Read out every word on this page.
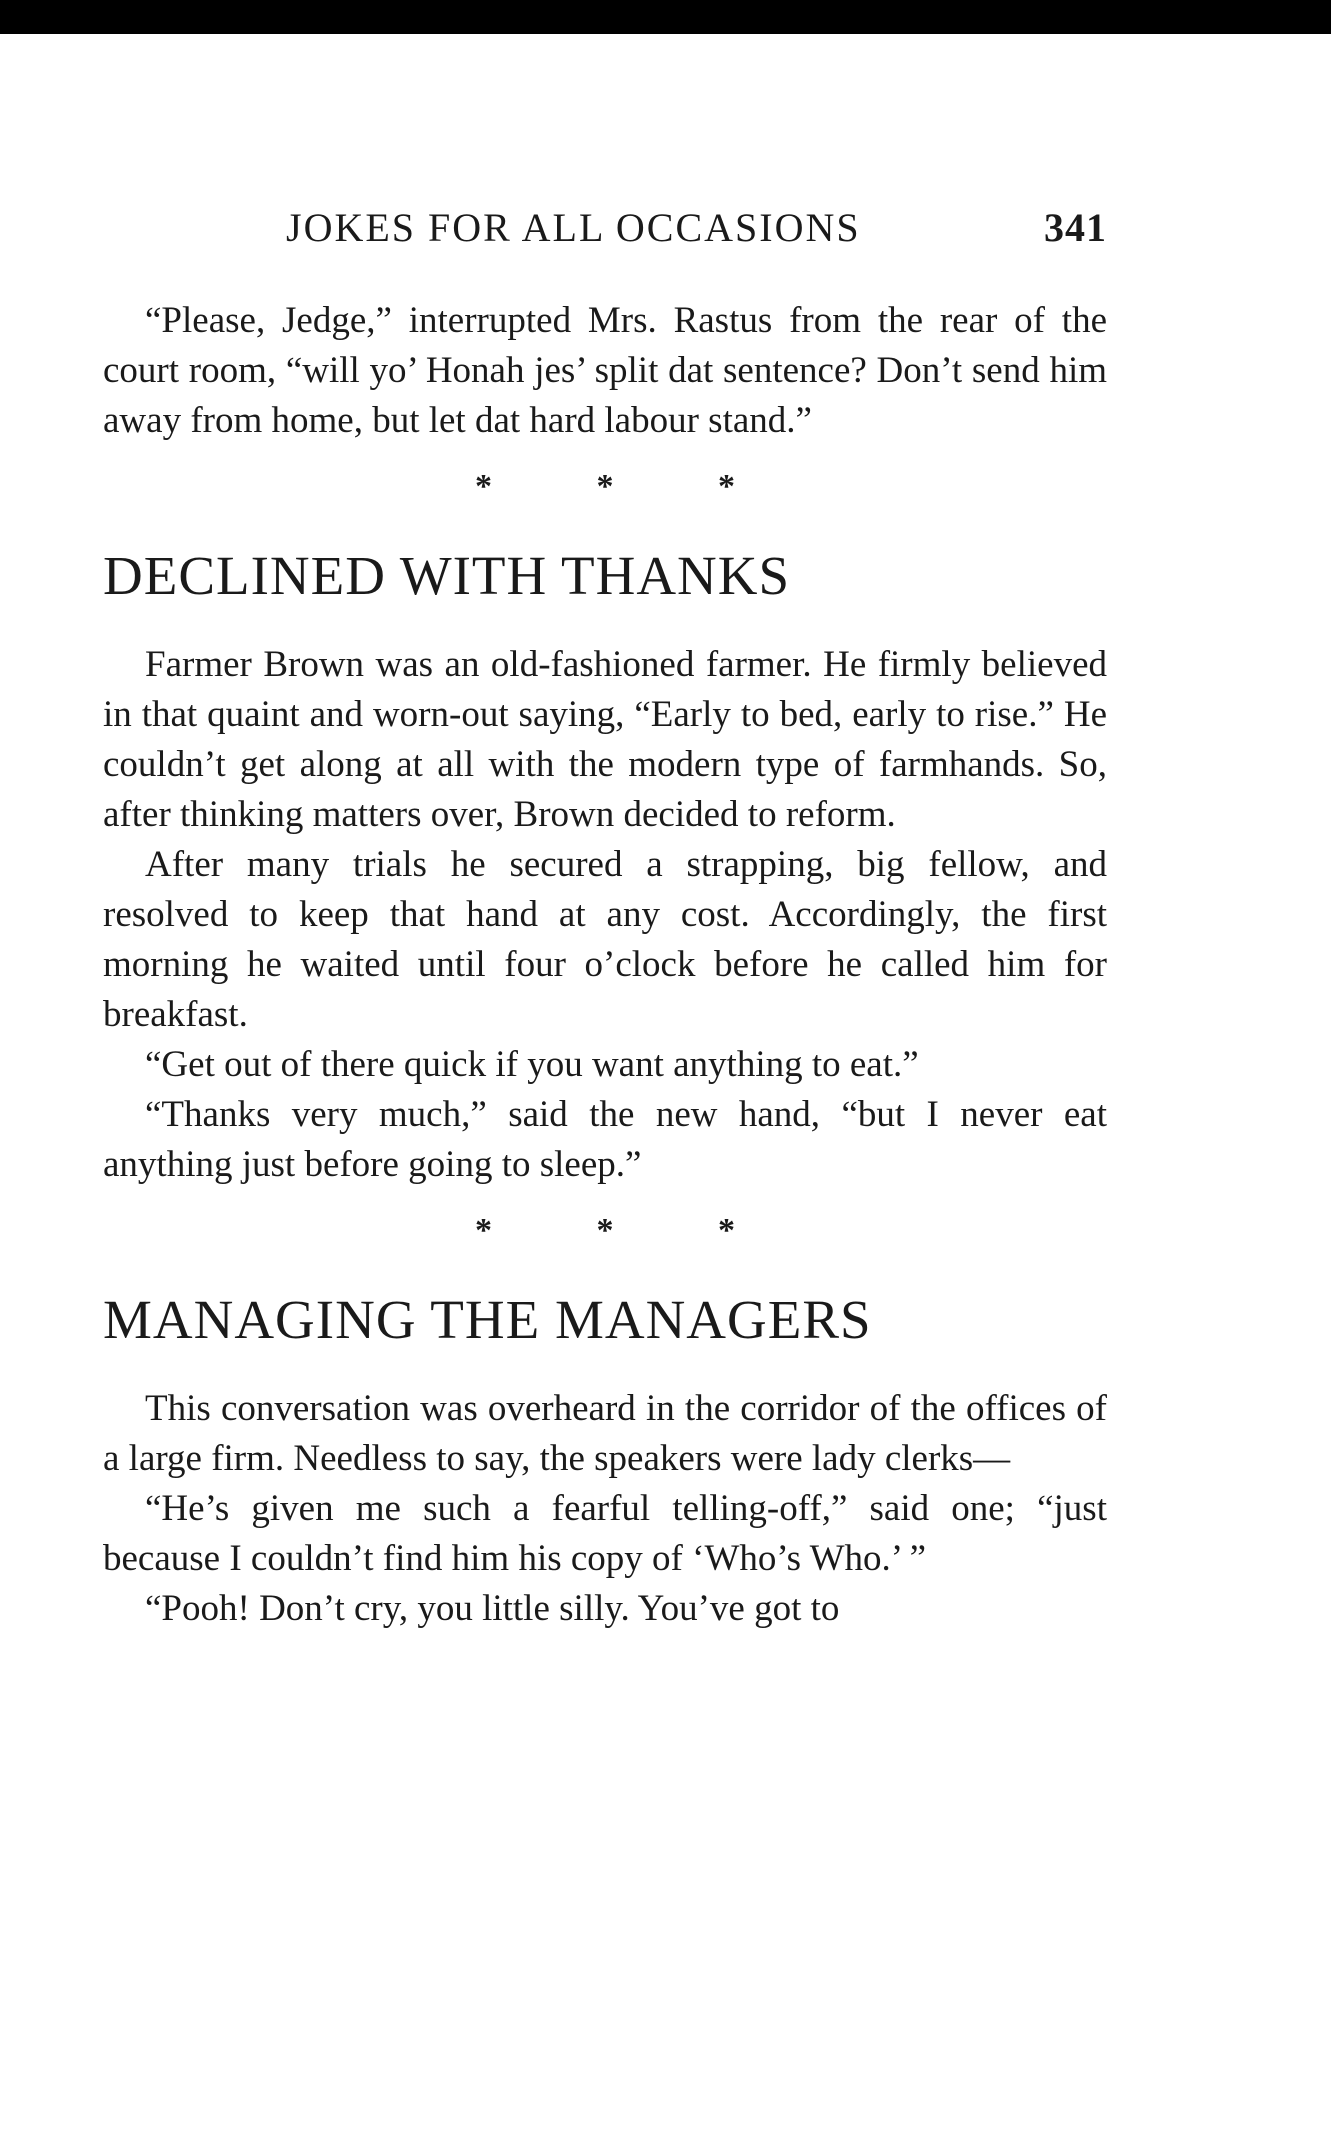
JOKES FOR ALL OCCASIONS	341

“Please, Jedge,” interrupted Mrs. Rastus from the rear of the court room, “will yo’ Honah jes’ split dat sentence? Don’t send him away from home, but let dat hard labour stand.”

* * *
DECLINED WITH THANKS

Farmer Brown was an old-fashioned farmer. He firmly believed in that quaint and worn-out saying, “Early to bed, early to rise.” He couldn’t get along at all with the modern type of farmhands. So, after thinking matters over, Brown decided to reform.

After many trials he secured a strapping, big fellow, and resolved to keep that hand at any cost. Accordingly, the first morning he waited until four o’clock before he called him for breakfast.

“Get out of there quick if you want anything to eat.”

“Thanks very much,” said the new hand, “but I never eat anything just before going to sleep.”

* * *
MANAGING THE MANAGERS

This conversation was overheard in the corridor of the offices of a large firm. Needless to say, the speakers were lady clerks—

“He’s given me such a fearful telling-off,” said one; “just because I couldn’t find him his copy of ‘Who’s Who.’ ”

“Pooh! Don’t cry, you little silly. You’ve got to
